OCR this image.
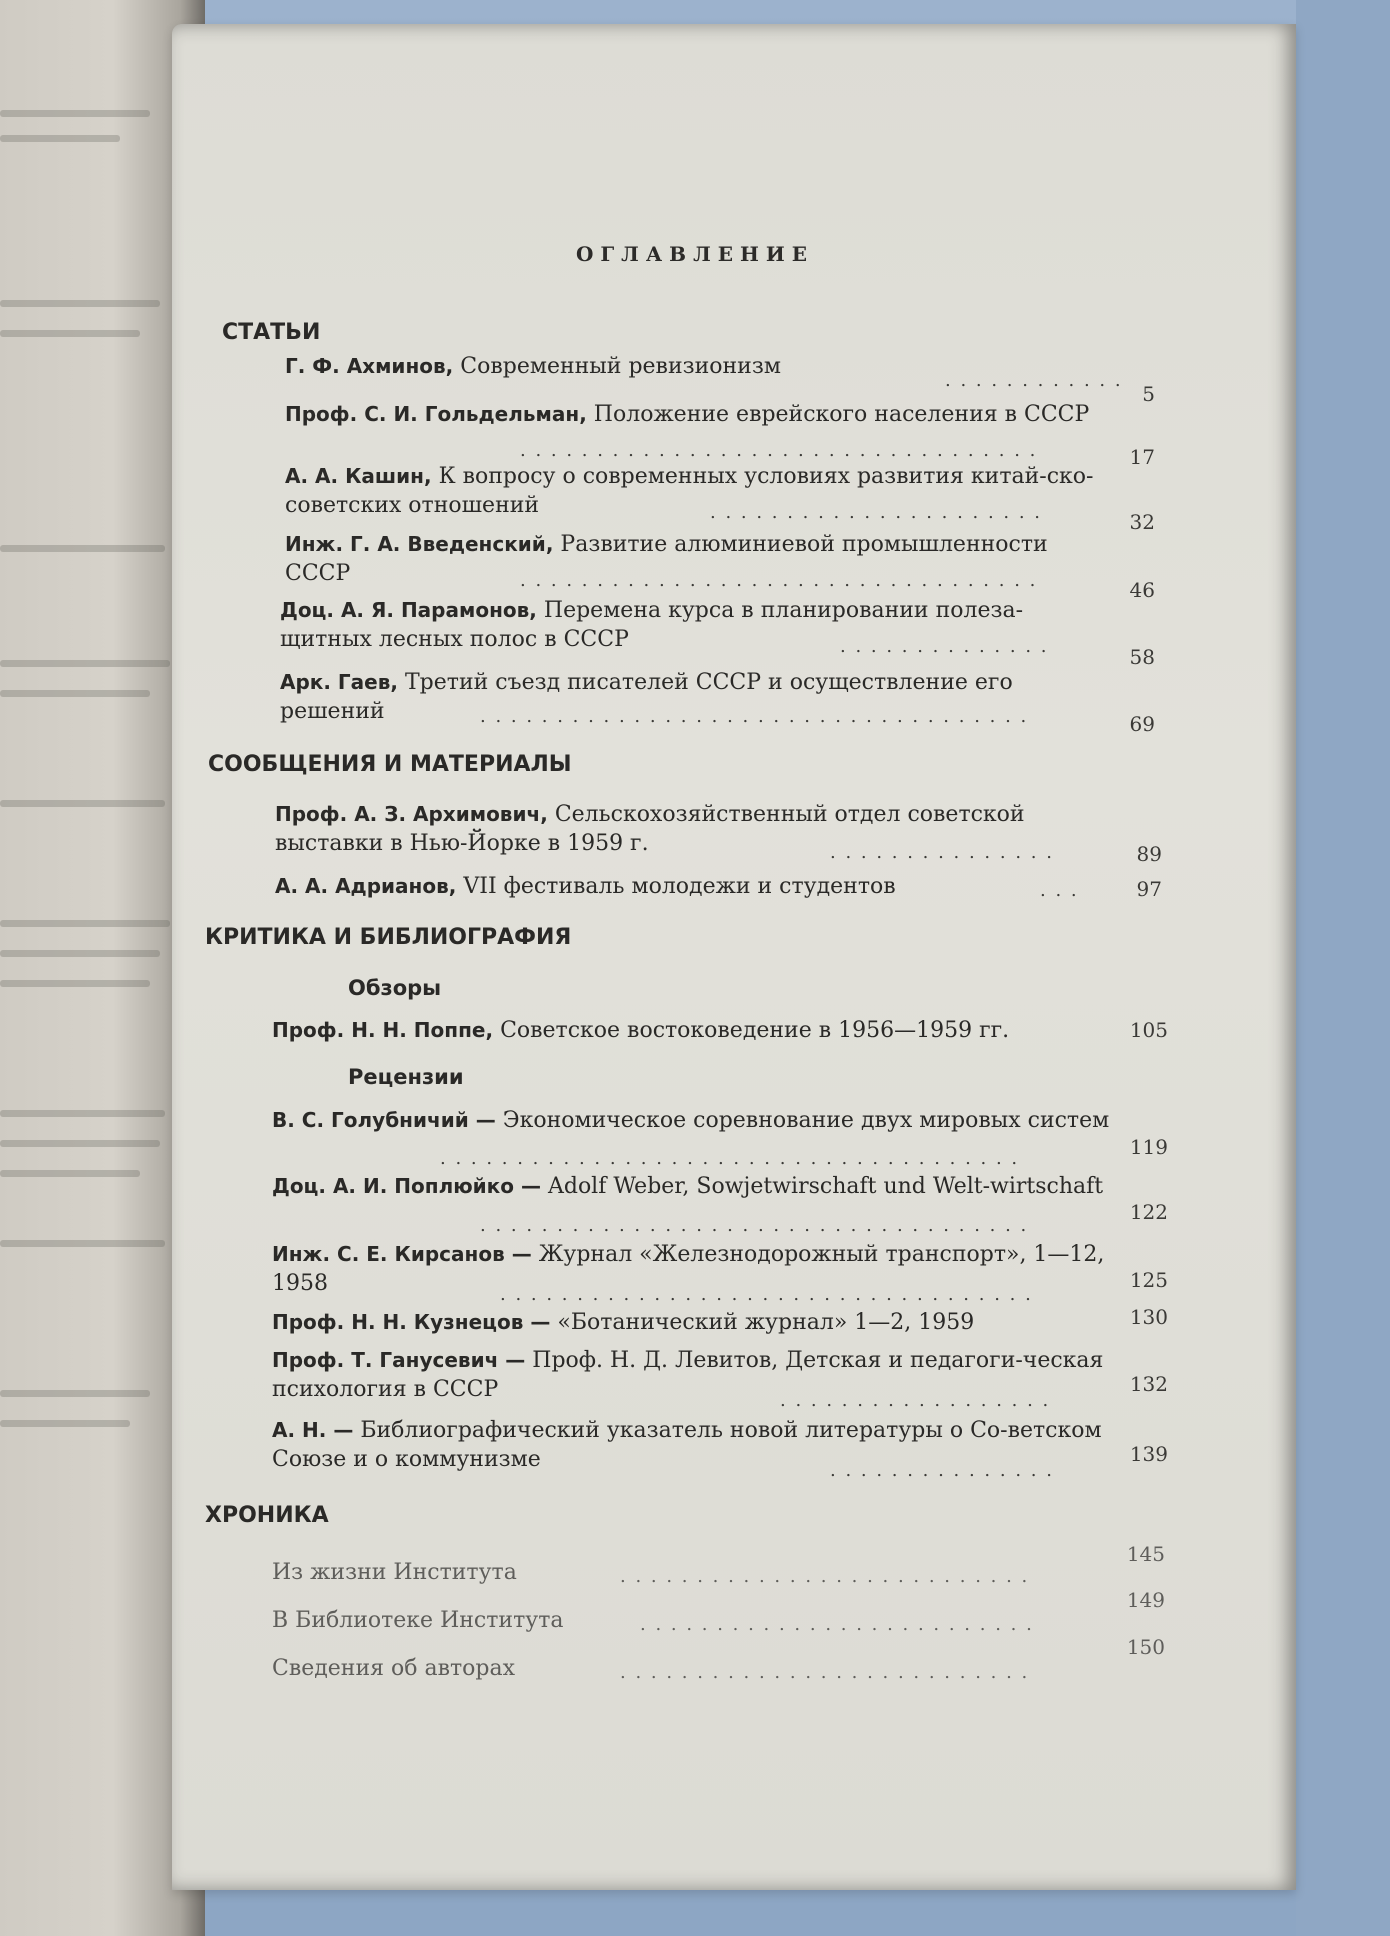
ОГЛАВЛЕНИЕ
СТАТЬИ
Г. Ф. Ахминов, Современный ревизионизм
. . . . . . . . . . . .
5
Проф. С. И. Гольдельман, Положение еврейского населения в СССР
. . . . . . . . . . . . . . . . . . . . . . . . . . . . . . . . . .	17
А. А. Кашин, К вопросу о современных условиях развития китай-ско-советских отношений	. . . . . . . . . . . . . . . . . . . . . .	32
Инж. Г. А. Введенский, Развитие алюминиевой промышленности СССР	. . . . . . . . . . . . . . . . . . . . . . . . . . . . . . . . . .	46
Доц. А. Я. Парамонов, Перемена курса в планировании полеза-щитных лесных полос в СССР	. . . . . . . . . . . . . .	58
Арк. Гаев, Третий съезд писателей СССР и осуществление его решений	. . . . . . . . . . . . . . . . . . . . . . . . . . . . . . . . . . . .	69
СООБЩЕНИЯ И МАТЕРИАЛЫ
Проф. А. З. Архимович, Сельскохозяйственный отдел советской выставки в Нью-Йорке в 1959 г.	. . . . . . . . . . . . . . .	89
А. А. Адрианов, VII фестиваль молодежи и студентов	. . .	97
КРИТИКА И БИБЛИОГРАФИЯ
Обзоры
Проф. Н. Н. Поппе, Советское востоковедение в 1956—1959 гг.	105
Рецензии
В. С. Голубничий — Экономическое соревнование двух мировых систем
. . . . . . . . . . . . . . . . . . . . . . . . . . . . . . . . . . . . . .	119
Доц. А. И. Поплюйко — Adolf Weber, Sowjetwirschaft und Welt-wirtschaft
. . . . . . . . . . . . . . . . . . . . . . . . . . . . . . . . . . . .
122
Инж. С. Е. Кирсанов — Журнал «Железнодорожный транспорт», 1—12, 1958	. . . . . . . . . . . . . . . . . . . . . . . . . . . . . . . . . . .
125
Проф. Н. Н. Кузнецов — «Ботанический журнал» 1—2, 1959	130
Проф. Т. Ганусевич — Проф. Н. Д. Левитов, Детская и педагоги-ческая психология в СССР	. . . . . . . . . . . . . . . . . .
132
А. Н. — Библиографический указатель новой литературы о Со-ветском Союзе и о коммунизме	. . . . . . . . . . . . . . .
139
ХРОНИКА
Из жизни Института	. . . . . . . . . . . . . . . . . . . . . . . . . . .
145
В Библиотеке Института	. . . . . . . . . . . . . . . . . . . . . . . . . .
149
Сведения об авторах	. . . . . . . . . . . . . . . . . . . . . . . . . . .
150
